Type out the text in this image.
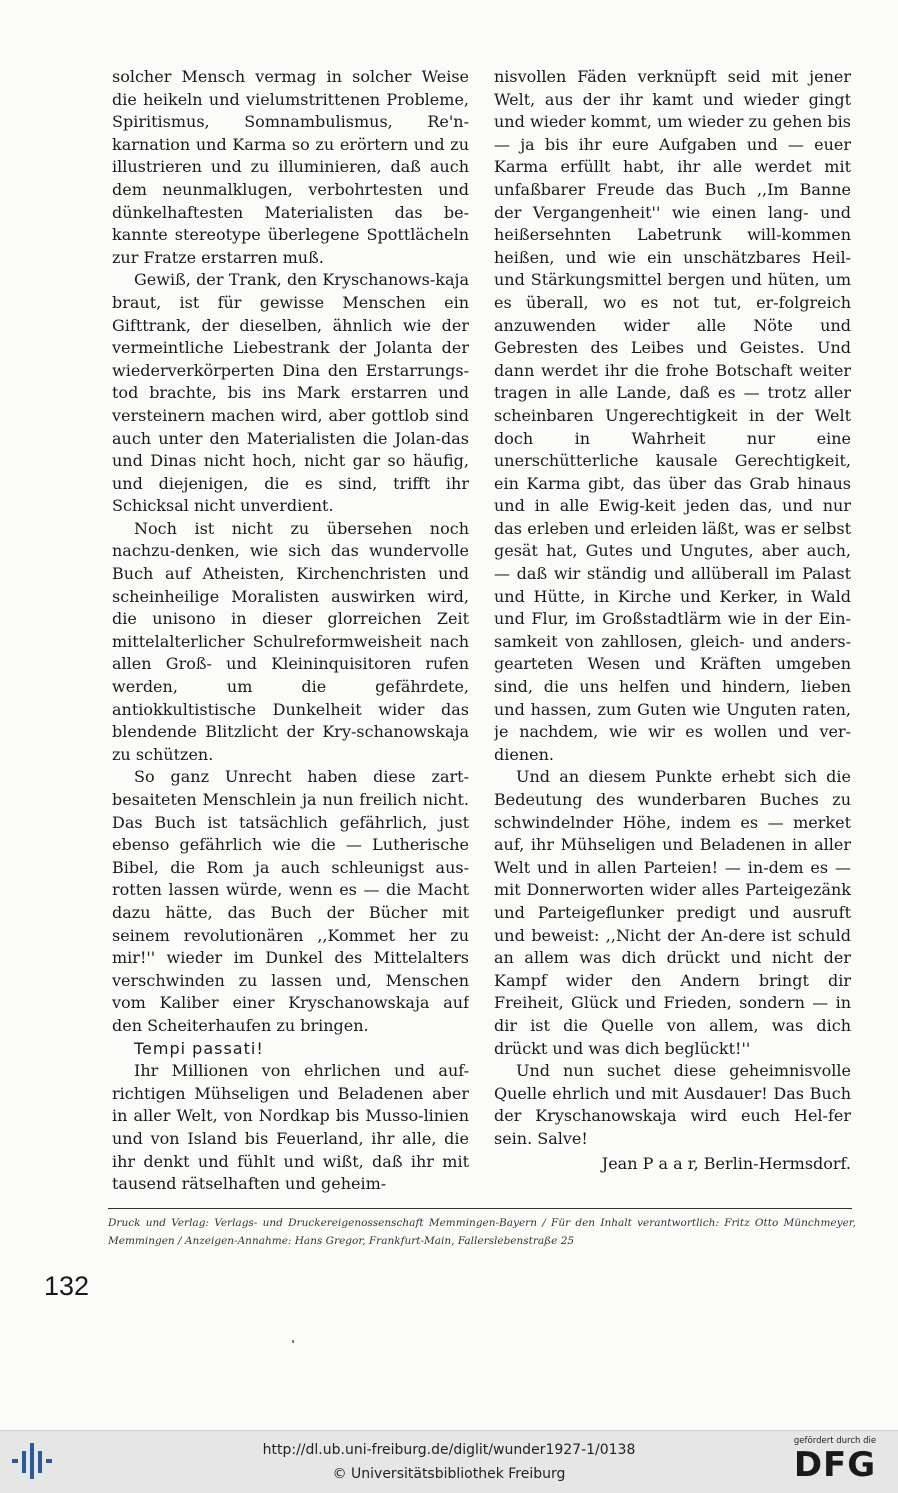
solcher Mensch vermag in solcher Weise die heikeln und vielumstrittenen Probleme, Spiritismus, Somnambulismus, Re'n-karnation und Karma so zu erörtern und zu illustrieren und zu illuminieren, daß auch dem neunmalklugen, verbohrtesten und dünkelhaftesten Materialisten das be-kannte stereotype überlegene Spottlächeln zur Fratze erstarren muß.

Gewiß, der Trank, den Kryschanows-kaja braut, ist für gewisse Menschen ein Gifttrank, der dieselben, ähnlich wie der vermeintliche Liebestrank der Jolanta der wiederverkörperten Dina den Erstarrungs-tod brachte, bis ins Mark erstarren und versteinern machen wird, aber gottlob sind auch unter den Materialisten die Jolan-das und Dinas nicht hoch, nicht gar so häufig, und diejenigen, die es sind, trifft ihr Schicksal nicht unverdient.

Noch ist nicht zu übersehen noch nachzu-denken, wie sich das wundervolle Buch auf Atheisten, Kirchenchristen und scheinheilige Moralisten auswirken wird, die unisono in dieser glorreichen Zeit mittelalterlicher Schulreformweisheit nach allen Groß- und Kleininquisitoren rufen werden, um die gefährdete, antiokkultistische Dunkelheit wider das blendende Blitzlicht der Kry-schanowskaja zu schützen.

So ganz Unrecht haben diese zart-besaiteten Menschlein ja nun freilich nicht. Das Buch ist tatsächlich gefährlich, just ebenso gefährlich wie die — Lutherische Bibel, die Rom ja auch schleunigst aus-rotten lassen würde, wenn es — die Macht dazu hätte, das Buch der Bücher mit seinem revolutionären ,,Kommet her zu mir!'' wieder im Dunkel des Mittelalters verschwinden zu lassen und, Menschen vom Kaliber einer Kryschanowskaja auf den Scheiterhaufen zu bringen.

Tempi passati!

Ihr Millionen von ehrlichen und auf-richtigen Mühseligen und Beladenen aber in aller Welt, von Nordkap bis Musso-linien und von Island bis Feuerland, ihr alle, die ihr denkt und fühlt und wißt, daß ihr mit tausend rätselhaften und geheim-

nisvollen Fäden verknüpft seid mit jener Welt, aus der ihr kamt und wieder gingt und wieder kommt, um wieder zu gehen bis — ja bis ihr eure Aufgaben und — euer Karma erfüllt habt, ihr alle werdet mit unfaßbarer Freude das Buch ,,Im Banne der Vergangenheit'' wie einen lang- und heißersehnten Labetrunk will-kommen heißen, und wie ein unschätzbares Heil- und Stärkungsmittel bergen und hüten, um es überall, wo es not tut, er-folgreich anzuwenden wider alle Nöte und Gebresten des Leibes und Geistes. Und dann werdet ihr die frohe Botschaft weiter tragen in alle Lande, daß es — trotz aller scheinbaren Ungerechtigkeit in der Welt doch in Wahrheit nur eine unerschütterliche kausale Gerechtigkeit, ein Karma gibt, das über das Grab hinaus und in alle Ewig-keit jeden das, und nur das erleben und erleiden läßt, was er selbst gesät hat, Gutes und Ungutes, aber auch, — daß wir ständig und allüberall im Palast und Hütte, in Kirche und Kerker, in Wald und Flur, im Großstadtlärm wie in der Ein-samkeit von zahllosen, gleich- und anders-gearteten Wesen und Kräften umgeben sind, die uns helfen und hindern, lieben und hassen, zum Guten wie Unguten raten, je nachdem, wie wir es wollen und ver-dienen.

Und an diesem Punkte erhebt sich die Bedeutung des wunderbaren Buches zu schwindelnder Höhe, indem es — merket auf, ihr Mühseligen und Beladenen in aller Welt und in allen Parteien! — in-dem es — mit Donnerworten wider alles Parteigezänk und Parteigeflunker predigt und ausruft und beweist: ,,Nicht der An-dere ist schuld an allem was dich drückt und nicht der Kampf wider den Andern bringt dir Freiheit, Glück und Frieden, sondern — in dir ist die Quelle von allem, was dich drückt und was dich beglückt!''

Und nun suchet diese geheimnisvolle Quelle ehrlich und mit Ausdauer! Das Buch der Kryschanowskaja wird euch Hel-fer sein. Salve!

Jean P a a r, Berlin-Hermsdorf.

Druck und Verlag: Verlags- und Druckereigenossenschaft Memmingen-Bayern / Für den Inhalt verantwortlich: Fritz Otto Münchmeyer, Memmingen / Anzeigen-Annahme: Hans Gregor, Frankfurt-Main, Fallerslebenstraße 25
132
http://dl.ub.uni-freiburg.de/diglit/wunder1927-1/0138
© Universitätsbibliothek Freiburg
gefördert durch die
DFG
